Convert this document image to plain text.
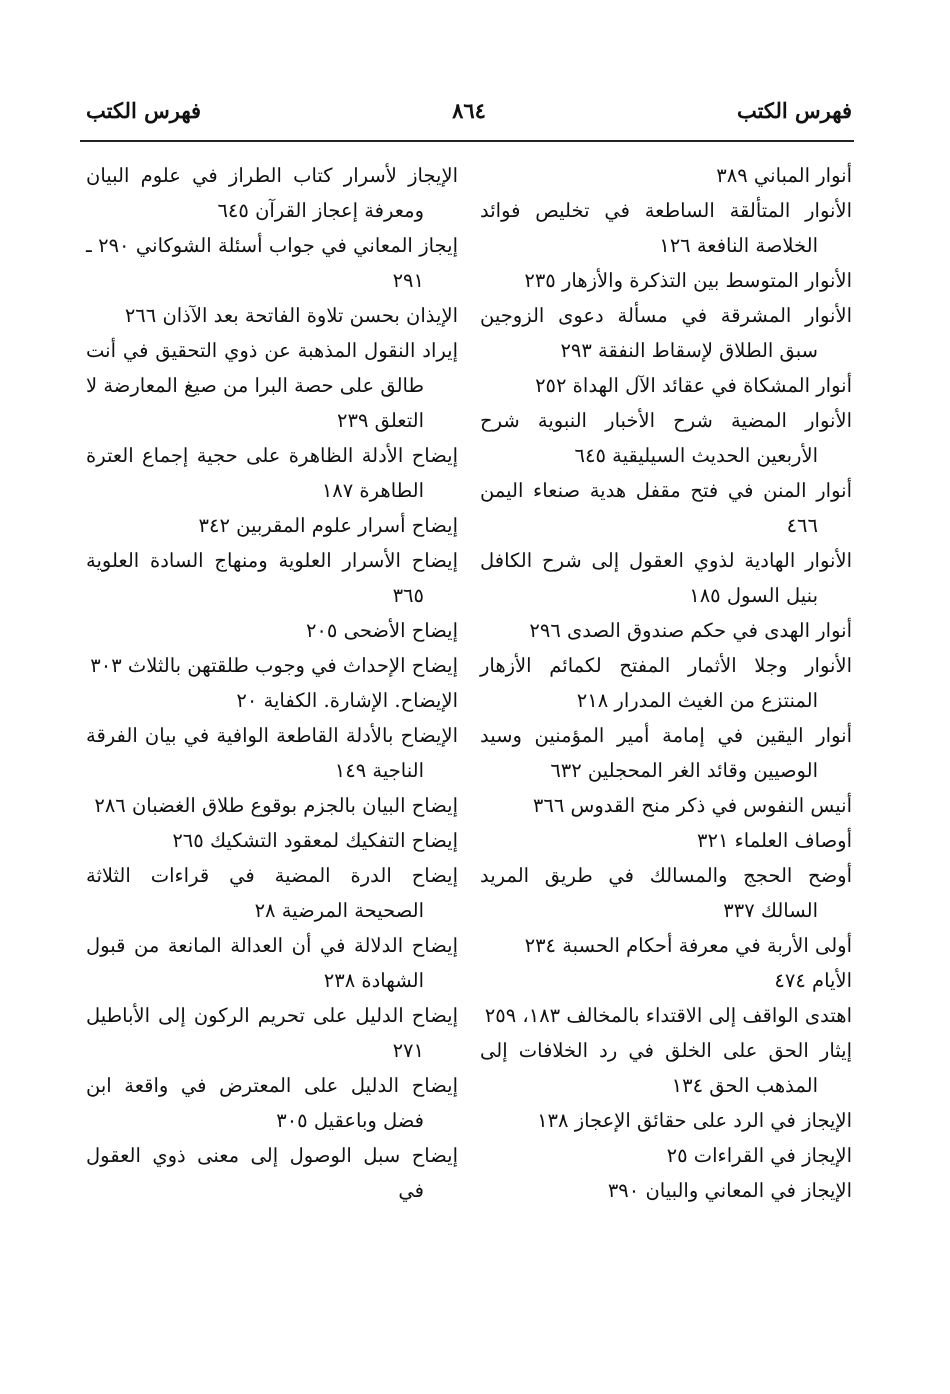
فهرس الكتب
٨٦٤
فهرس الكتب

أنوار المباني ٣٨٩

الأنوار المتألقة الساطعة في تخليص فوائد الخلاصة النافعة ١٢٦

الأنوار المتوسط بين التذكرة والأزهار ٢٣٥

الأنوار المشرقة في مسألة دعوى الزوجين سبق الطلاق لإسقاط النفقة ٢٩٣

أنوار المشكاة في عقائد الآل الهداة ٢٥٢

الأنوار المضية شرح الأخبار النبوية شرح الأربعين الحديث السيليقية ٦٤٥

أنوار المنن في فتح مقفل هدية صنعاء اليمن ٤٦٦

الأنوار الهادية لذوي العقول إلى شرح الكافل بنيل السول ١٨٥

أنوار الهدى في حكم صندوق الصدى ٢٩٦

الأنوار وجلا الأثمار المفتح لكمائم الأزهار المنتزع من الغيث المدرار ٢١٨

أنوار اليقين في إمامة أمير المؤمنين وسيد الوصيين وقائد الغر المحجلين ٦٣٢

أنيس النفوس في ذكر منح القدوس ٣٦٦

أوصاف العلماء ٣٢١

أوضح الحجج والمسالك في طريق المريد السالك ٣٣٧

أولى الأربة في معرفة أحكام الحسبة ٢٣٤

الأيام ٤٧٤

اهتدى الواقف إلى الاقتداء بالمخالف ١٨٣، ٢٥٩

إيثار الحق على الخلق في رد الخلافات إلى المذهب الحق ١٣٤

الإيجاز في الرد على حقائق الإعجاز ١٣٨

الإيجاز في القراءات ٢٥

الإيجاز في المعاني والبيان ٣٩٠

الإيجاز لأسرار كتاب الطراز في علوم البيان ومعرفة إعجاز القرآن ٦٤٥

إيجاز المعاني في جواب أسئلة الشوكاني ٢٩٠ ـ ٢٩١

الإيذان بحسن تلاوة الفاتحة بعد الآذان ٢٦٦

إيراد النقول المذهبة عن ذوي التحقيق في أنت طالق على حصة البرا من صيغ المعارضة لا التعلق ٢٣٩

إيضاح الأدلة الظاهرة على حجية إجماع العترة الطاهرة ١٨٧

إيضاح أسرار علوم المقربين ٣٤٢

إيضاح الأسرار العلوية ومنهاج السادة العلوية ٣٦٥

إيضاح الأضحى ٢٠٥

إيضاح الإحداث في وجوب طلقتهن بالثلاث ٣٠٣

الإيضاح. الإشارة. الكفاية ٢٠

الإيضاح بالأدلة القاطعة الوافية في بيان الفرقة الناجية ١٤٩

إيضاح البيان بالجزم بوقوع طلاق الغضبان ٢٨٦

إيضاح التفكيك لمعقود التشكيك ٢٦٥

إيضاح الدرة المضية في قراءات الثلاثة الصحيحة المرضية ٢٨

إيضاح الدلالة في أن العدالة المانعة من قبول الشهادة ٢٣٨

إيضاح الدليل على تحريم الركون إلى الأباطيل ٢٧١

إيضاح الدليل على المعترض في واقعة ابن فضل وباعقيل ٣٠٥

إيضاح سبل الوصول إلى معنى ذوي العقول في
